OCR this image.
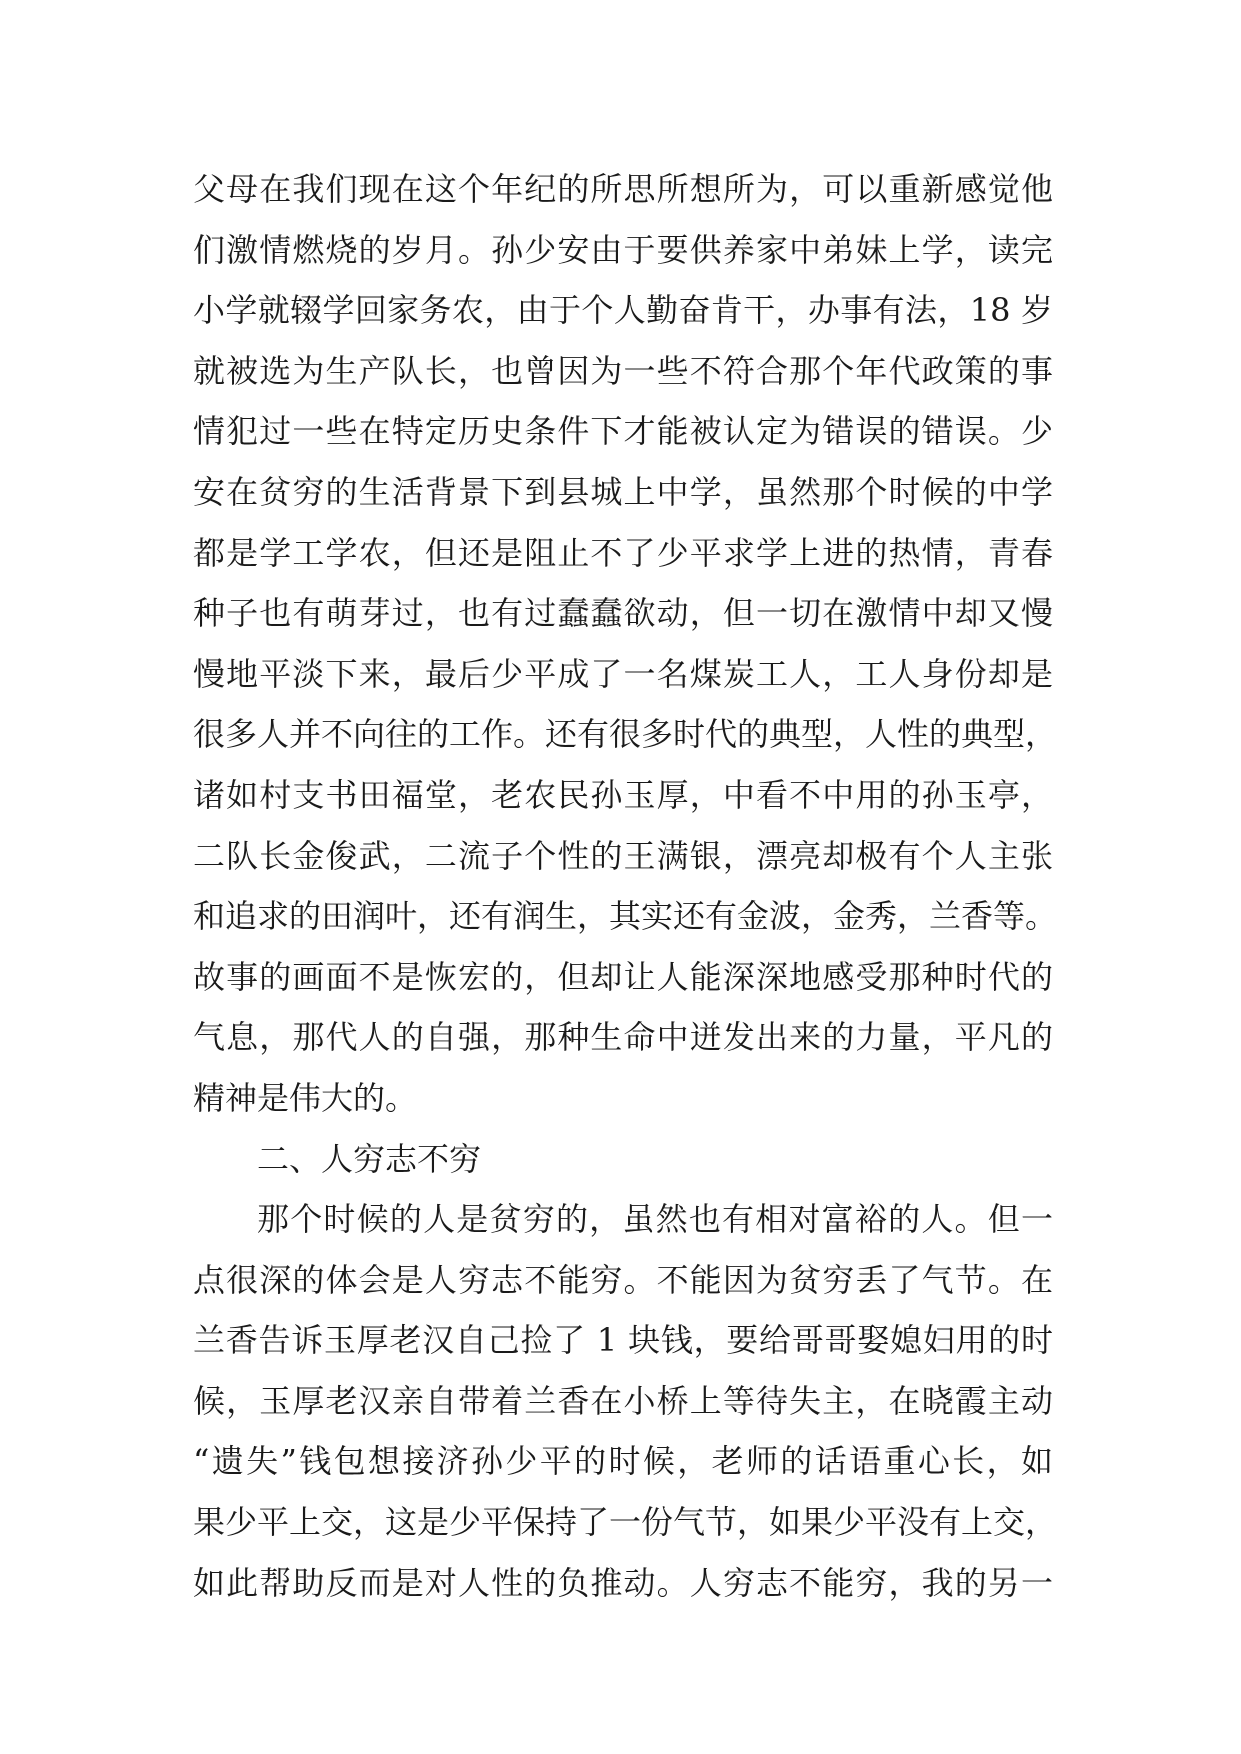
父母在我们现在这个年纪的所思所想所为，可以重新感觉他
们激情燃烧的岁月。孙少安由于要供养家中弟妹上学，读完
小学就辍学回家务农，由于个人勤奋肯干，办事有法，18 岁
就被选为生产队长，也曾因为一些不符合那个年代政策的事
情犯过一些在特定历史条件下才能被认定为错误的错误。少
安在贫穷的生活背景下到县城上中学，虽然那个时候的中学
都是学工学农，但还是阻止不了少平求学上进的热情，青春
种子也有萌芽过，也有过蠢蠢欲动，但一切在激情中却又慢
慢地平淡下来，最后少平成了一名煤炭工人，工人身份却是
很多人并不向往的工作。还有很多时代的典型，人性的典型，
诸如村支书田福堂，老农民孙玉厚，中看不中用的孙玉亭，
二队长金俊武，二流子个性的王满银，漂亮却极有个人主张
和追求的田润叶，还有润生，其实还有金波，金秀，兰香等。
故事的画面不是恢宏的，但却让人能深深地感受那种时代的
气息，那代人的自强，那种生命中迸发出来的力量，平凡的
精神是伟大的。
二、人穷志不穷
那个时候的人是贫穷的，虽然也有相对富裕的人。但一
点很深的体会是人穷志不能穷。不能因为贫穷丢了气节。在
兰香告诉玉厚老汉自己捡了 1 块钱，要给哥哥娶媳妇用的时
候，玉厚老汉亲自带着兰香在小桥上等待失主，在晓霞主动
“遗失”钱包想接济孙少平的时候，老师的话语重心长，如
果少平上交，这是少平保持了一份气节，如果少平没有上交，
如此帮助反而是对人性的负推动。人穷志不能穷，我的另一
